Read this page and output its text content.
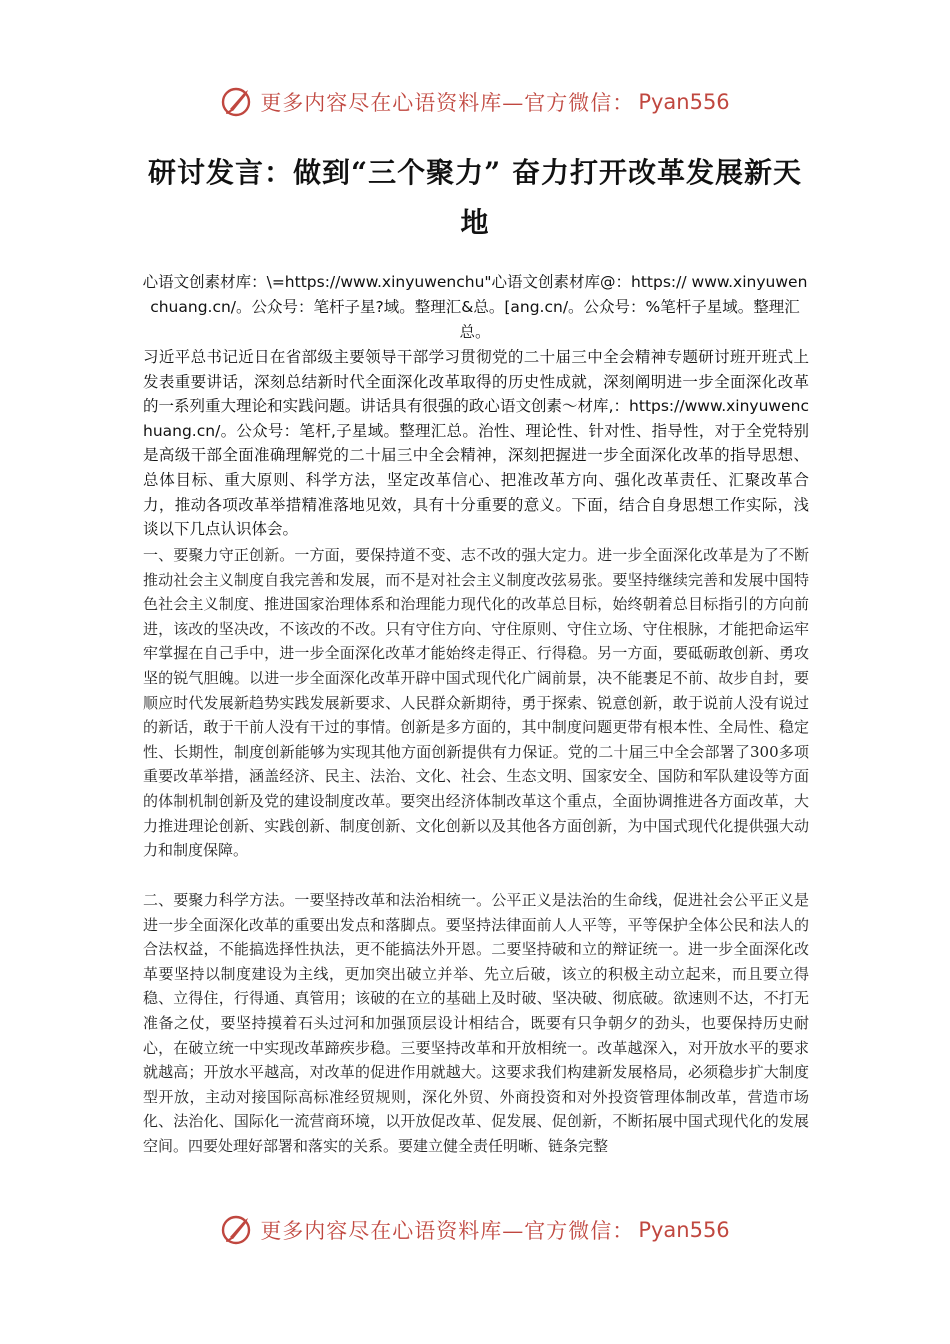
更多内容尽在心语资料库—官方微信： Pyan556
研讨发言：做到“三个聚力” 奋力打开改革发展新天地
心语文创素材库：\=https://www.xinyuwenchu"心语文创素材库@：https:// www.xinyuwenchuang.cn/。公众号：笔杆子星?域。整理汇&总。[ang.cn/。公众号：%笔杆子星域。整理汇总。
习近平总书记近日在省部级主要领导干部学习贯彻党的二十届三中全会精神专题研讨班开班式上发表重要讲话，深刻总结新时代全面深化改革取得的历史性成就，深刻阐明进一步全面深化改革的一系列重大理论和实践问题。讲话具有很强的政心语文创素～材库,：https://www.xinyuwenchuang.cn/。公众号：笔杆,子星域。整理汇总。治性、理论性、针对性、指导性，对于全党特别是高级干部全面准确理解党的二十届三中全会精神，深刻把握进一步全面深化改革的指导思想、总体目标、重大原则、科学方法，坚定改革信心、把准改革方向、强化改革责任、汇聚改革合力，推动各项改革举措精准落地见效，具有十分重要的意义。下面，结合自身思想工作实际，浅谈以下几点认识体会。
一、要聚力守正创新。一方面，要保持道不变、志不改的强大定力。进一步全面深化改革是为了不断推动社会主义制度自我完善和发展，而不是对社会主义制度改弦易张。要坚持继续完善和发展中国特色社会主义制度、推进国家治理体系和治理能力现代化的改革总目标，始终朝着总目标指引的方向前进，该改的坚决改，不该改的不改。只有守住方向、守住原则、守住立场、守住根脉，才能把命运牢牢掌握在自己手中，进一步全面深化改革才能始终走得正、行得稳。另一方面，要砥砺敢创新、勇攻坚的锐气胆魄。以进一步全面深化改革开辟中国式现代化广阔前景，决不能裹足不前、故步自封，要顺应时代发展新趋势实践发展新要求、人民群众新期待，勇于探索、锐意创新，敢于说前人没有说过的新话，敢于干前人没有干过的事情。创新是多方面的，其中制度问题更带有根本性、全局性、稳定性、长期性，制度创新能够为实现其他方面创新提供有力保证。党的二十届三中全会部署了300多项重要改革举措，涵盖经济、民主、法治、文化、社会、生态文明、国家安全、国防和军队建设等方面的体制机制创新及党的建设制度改革。要突出经济体制改革这个重点，全面协调推进各方面改革，大力推进理论创新、实践创新、制度创新、文化创新以及其他各方面创新，为中国式现代化提供强大动力和制度保障。
二、要聚力科学方法。一要坚持改革和法治相统一。公平正义是法治的生命线，促进社会公平正义是进一步全面深化改革的重要出发点和落脚点。要坚持法律面前人人平等，平等保护全体公民和法人的合法权益，不能搞选择性执法，更不能搞法外开恩。二要坚持破和立的辩证统一。进一步全面深化改革要坚持以制度建设为主线，更加突出破立并举、先立后破，该立的积极主动立起来，而且要立得稳、立得住，行得通、真管用；该破的在立的基础上及时破、坚决破、彻底破。欲速则不达，不打无准备之仗，要坚持摸着石头过河和加强顶层设计相结合，既要有只争朝夕的劲头，也要保持历史耐心，在破立统一中实现改革蹄疾步稳。三要坚持改革和开放相统一。改革越深入，对开放水平的要求就越高；开放水平越高，对改革的促进作用就越大。这要求我们构建新发展格局，必须稳步扩大制度型开放，主动对接国际高标准经贸规则，深化外贸、外商投资和对外投资管理体制改革，营造市场化、法治化、国际化一流营商环境，以开放促改革、促发展、促创新，不断拓展中国式现代化的发展空间。四要处理好部署和落实的关系。要建立健全责任明晰、链条完整
更多内容尽在心语资料库—官方微信： Pyan556
